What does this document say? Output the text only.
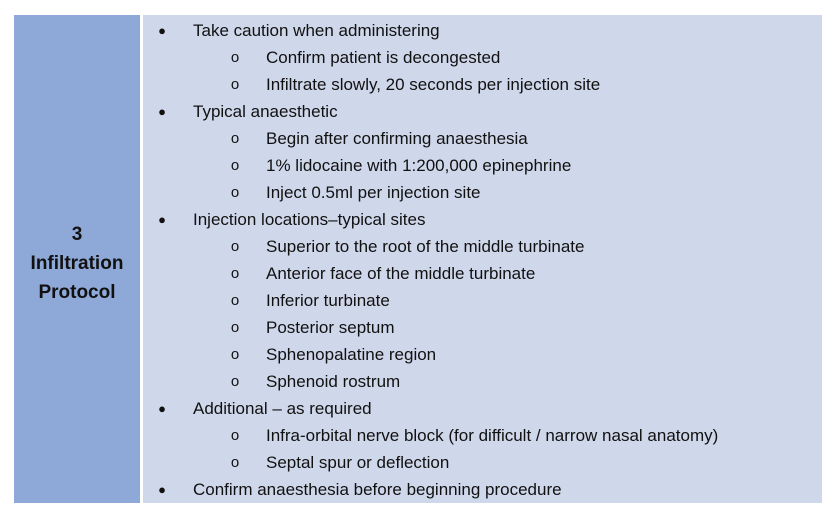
3
Infiltration
Protocol
● Take caution when administering
o Confirm patient is decongested
o Infiltrate slowly, 20 seconds per injection site
● Typical anaesthetic
o Begin after confirming anaesthesia
o 1% lidocaine with 1:200,000 epinephrine
o Inject 0.5ml per injection site
● Injection locations–typical sites
o Superior to the root of the middle turbinate
o Anterior face of the middle turbinate
o Inferior turbinate
o Posterior septum
o Sphenopalatine region
o Sphenoid rostrum
● Additional – as required
o Infra-orbital nerve block (for difficult / narrow nasal anatomy)
o Septal spur or deflection
● Confirm anaesthesia before beginning procedure
